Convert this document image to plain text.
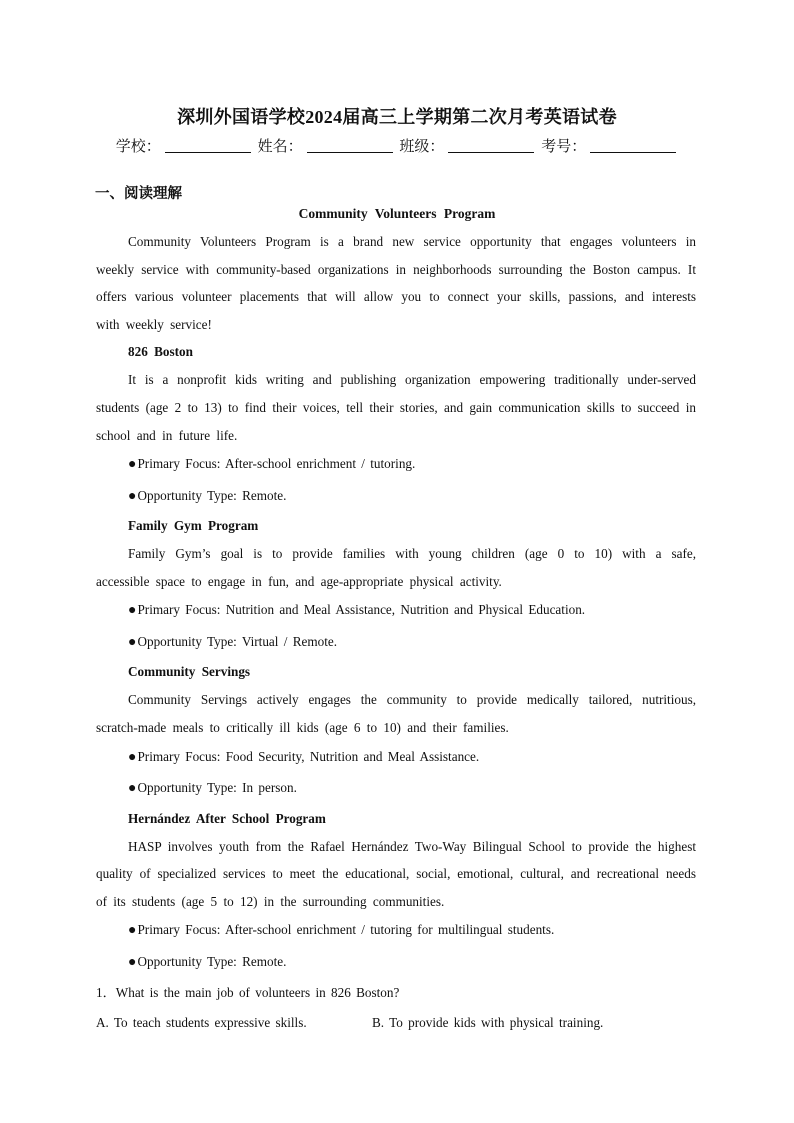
深圳外国语学校2024届高三上学期第二次月考英语试卷
学校：	姓名：	班级：	考号：
一、阅读理解
Community Volunteers Program

Community Volunteers Program is a brand new service opportunity that engages volunteers in weekly service with community-based organizations in neighborhoods surrounding the Boston campus. It offers various volunteer placements that will allow you to connect your skills, passions, and interests with weekly service!

826 Boston

It is a nonprofit kids writing and publishing organization empowering traditionally under-served students (age 2 to 13) to find their voices, tell their stories, and gain communication skills to succeed in school and in future life.

●Primary Focus: After-school enrichment / tutoring.

●Opportunity Type: Remote.

Family Gym Program

Family Gym’s goal is to provide families with young children (age 0 to 10) with a safe, accessible space to engage in fun, and age-appropriate physical activity.

●Primary Focus: Nutrition and Meal Assistance, Nutrition and Physical Education.

●Opportunity Type: Virtual / Remote.

Community Servings

Community Servings actively engages the community to provide medically tailored, nutritious, scratch-made meals to critically ill kids (age 6 to 10) and their families.

●Primary Focus: Food Security, Nutrition and Meal Assistance.

●Opportunity Type: In person.

Hernández After School Program

HASP involves youth from the Rafael Hernández Two-Way Bilingual School to provide the highest quality of specialized services to meet the educational, social, emotional, cultural, and recreational needs of its students (age 5 to 12) in the surrounding communities.

●Primary Focus: After-school enrichment / tutoring for multilingual students.

●Opportunity Type: Remote.

1．What is the main job of volunteers in 826 Boston?

A. To teach students expressive skills.	B. To provide kids with physical training.
